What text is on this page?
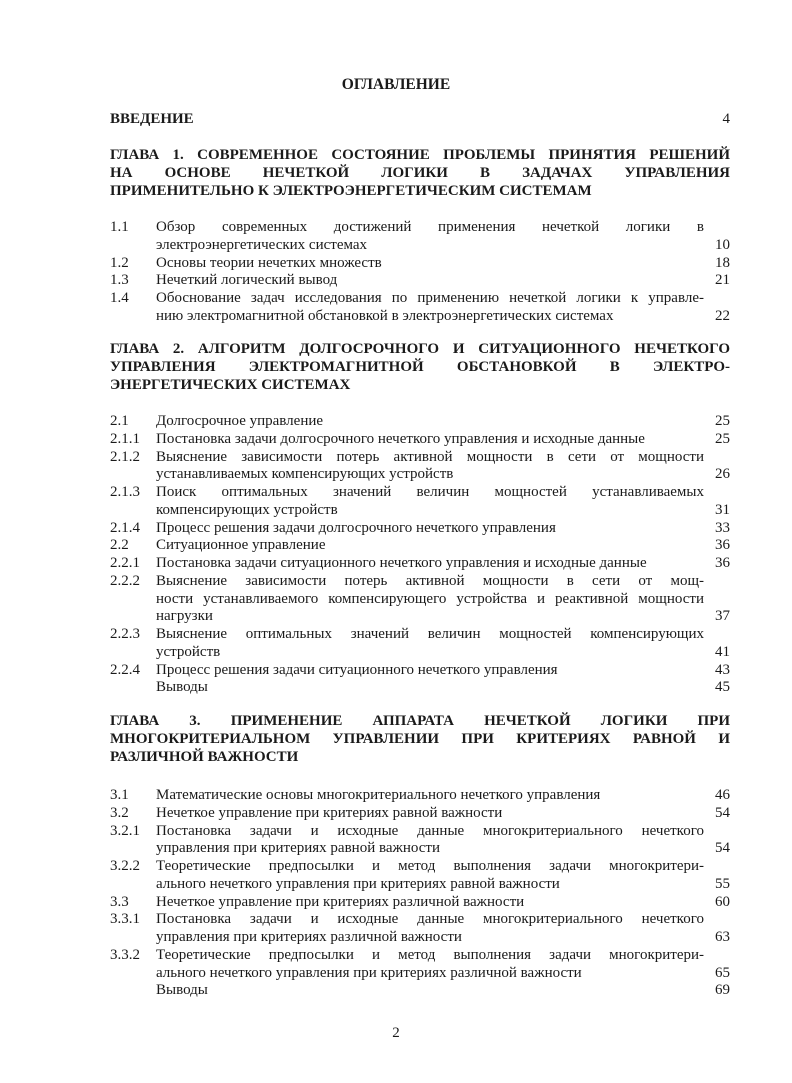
ОГЛАВЛЕНИЕ
ВВЕДЕНИЕ	4
ГЛАВА 1. СОВРЕМЕННОЕ СОСТОЯНИЕ ПРОБЛЕМЫ ПРИНЯТИЯ РЕШЕНИЙ
НА ОСНОВЕ НЕЧЕТКОЙ ЛОГИКИ В ЗАДАЧАХ УПРАВЛЕНИЯ
ПРИМЕНИТЕЛЬНО К ЭЛЕКТРОЭНЕРГЕТИЧЕСКИМ СИСТЕМАМ
1.1	Обзор современных достижений применения нечеткой логики в
электроэнергетических системах	10
1.2	Основы теории нечетких множеств	18
1.3	Нечеткий логический вывод	21
1.4	Обоснование задач исследования по применению нечеткой логики к управле-
нию электромагнитной обстановкой в электроэнергетических системах	22
ГЛАВА 2. АЛГОРИТМ ДОЛГОСРОЧНОГО И СИТУАЦИОННОГО НЕЧЕТКОГО
УПРАВЛЕНИЯ ЭЛЕКТРОМАГНИТНОЙ ОБСТАНОВКОЙ В ЭЛЕКТРО-
ЭНЕРГЕТИЧЕСКИХ СИСТЕМАХ
2.1	Долгосрочное управление	25
2.1.1	Постановка задачи долгосрочного нечеткого управления и исходные данные	25
2.1.2	Выяснение зависимости потерь активной мощности в сети от мощности
устанавливаемых компенсирующих устройств	26
2.1.3	Поиск оптимальных значений величин мощностей устанавливаемых
компенсирующих устройств	31
2.1.4	Процесс решения задачи долгосрочного нечеткого управления	33
2.2	Ситуационное управление	36
2.2.1	Постановка задачи ситуационного нечеткого управления и исходные данные	36
2.2.2	Выяснение зависимости потерь активной мощности в сети от мощ-
ности устанавливаемого компенсирующего устройства и реактивной мощности
нагрузки	37
2.2.3	Выяснение оптимальных значений величин мощностей компенсирующих
устройств	41
2.2.4	Процесс решения задачи ситуационного нечеткого управления	43
Выводы	45
ГЛАВА 3. ПРИМЕНЕНИЕ АППАРАТА НЕЧЕТКОЙ ЛОГИКИ ПРИ
МНОГОКРИТЕРИАЛЬНОМ УПРАВЛЕНИИ ПРИ КРИТЕРИЯХ РАВНОЙ И
РАЗЛИЧНОЙ ВАЖНОСТИ
3.1	Математические основы многокритериального нечеткого управления	46
3.2	Нечеткое управление при критериях равной важности	54
3.2.1	Постановка задачи и исходные данные многокритериального нечеткого
управления при критериях равной важности	54
3.2.2	Теоретические предпосылки и метод выполнения задачи многокритери-
ального нечеткого управления при критериях равной важности	55
3.3	Нечеткое управление при критериях различной важности	60
3.3.1	Постановка задачи и исходные данные многокритериального нечеткого
управления при критериях различной важности	63
3.3.2	Теоретические предпосылки и метод выполнения задачи многокритери-
ального нечеткого управления при критериях различной важности	65
Выводы	69
2
